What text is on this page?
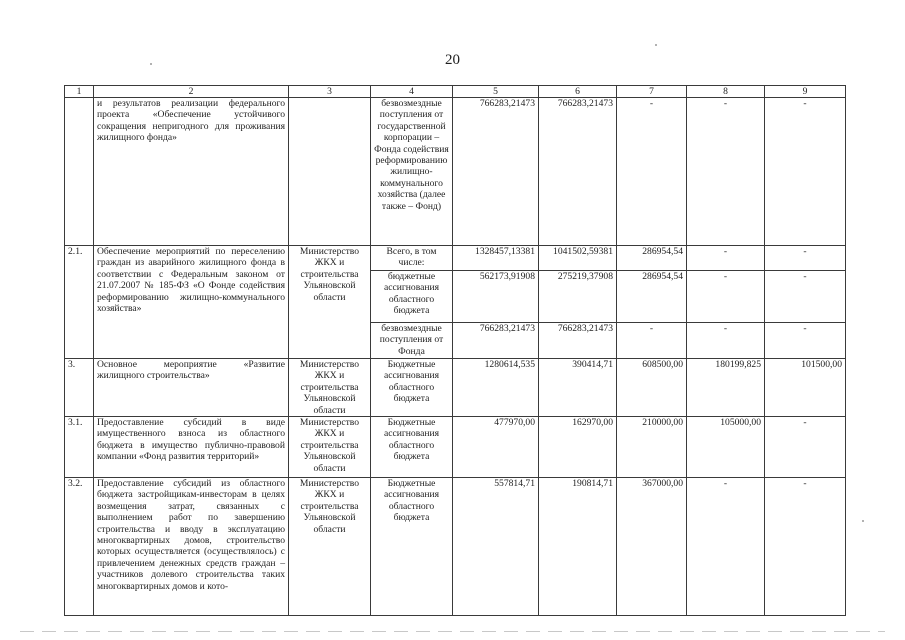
20
1	2	3	4	5	6	7	8	9
	и результатов реализации федерального проекта «Обеспечение устойчивого сокращения непригодного для проживания жилищного фонда»		безвозмездные поступления от государственной корпорации – Фонда содействия реформированию жилищно-коммунального хозяйства (далее также – Фонд)	766283,21473	766283,21473	-	-	-
2.1.	Обеспечение мероприятий по переселению граждан из аварийного жилищного фонда в соответствии с Федеральным законом от 21.07.2007 № 185-ФЗ «О Фонде содействия реформированию жилищно-коммунального хозяйства»	Министерство ЖКХ и строительства Ульяновской области	Всего, в том числе:	1328457,13381	1041502,59381	286954,54	-	-
			бюджетные ассигнования областного бюджета	562173,91908	275219,37908	286954,54	-	-
			безвозмездные поступления от Фонда	766283,21473	766283,21473	-	-	-
3.	Основное мероприятие «Развитие жилищного строительства»	Министерство ЖКХ и строительства Ульяновской области	Бюджетные ассигнования областного бюджета	1280614,535	390414,71	608500,00	180199,825	101500,00
3.1.	Предоставление субсидий в виде имущественного взноса из областного бюджета в имущество публично-правовой компании «Фонд развития территорий»	Министерство ЖКХ и строительства Ульяновской области	Бюджетные ассигнования областного бюджета	477970,00	162970,00	210000,00	105000,00	-
3.2.	Предоставление субсидий из областного бюджета застройщикам-инвесторам в целях возмещения затрат, связанных с выполнением работ по завершению строительства и вводу в эксплуатацию многоквартирных домов, строительство которых осуществляется (осуществлялось) с привлечением денежных средств граждан – участников долевого строительства таких многоквартирных домов и кото-	Министерство ЖКХ и строительства Ульяновской области	Бюджетные ассигнования областного бюджета	557814,71	190814,71	367000,00	-	-
